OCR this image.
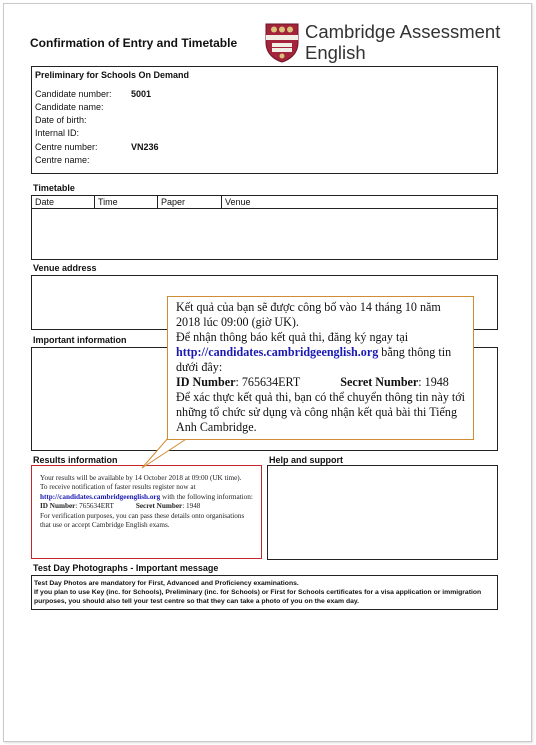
Confirmation of Entry and Timetable
Cambridge Assessment
English
Preliminary for Schools On Demand
Candidate number: 5001
Candidate name:
Date of birth:
Internal ID:
Centre number:	VN236
Centre name:
Timetable
Date	Time	Paper	Venue
Venue address
Important information
Results information

Your results will be available by 14 October 2018 at 09:00 (UK time).

To receive notification of faster results register now at http://candidates.cambridgeenglish.org with the following information:

ID Number: 765634ERT	Secret Number: 1948

For verification purposes, you can pass these details onto organisations that use or accept Cambridge English exams.

Help and support
Test Day Photographs - Important message

Test Day Photos are mandatory for First, Advanced and Proficiency examinations.

If you plan to use Key (inc. for Schools), Preliminary (inc. for Schools) or First for Schools certificates for a visa application or immigration purposes, you should also tell your test centre so that they can take a photo of you on the exam day.

Kết quả của bạn sẽ được công bố vào 14 tháng 10 năm 2018 lúc 09:00 (giờ UK).

Để nhận thông báo kết quả thi, đăng ký ngay tại http://candidates.cambridgeenglish.org bằng thông tin dưới đây:

ID Number: 765634ERT	Secret Number: 1948

Để xác thực kết quả thi, bạn có thể chuyển thông tin này tới những tổ chức sử dụng và công nhận kết quả bài thi Tiếng Anh Cambridge.
